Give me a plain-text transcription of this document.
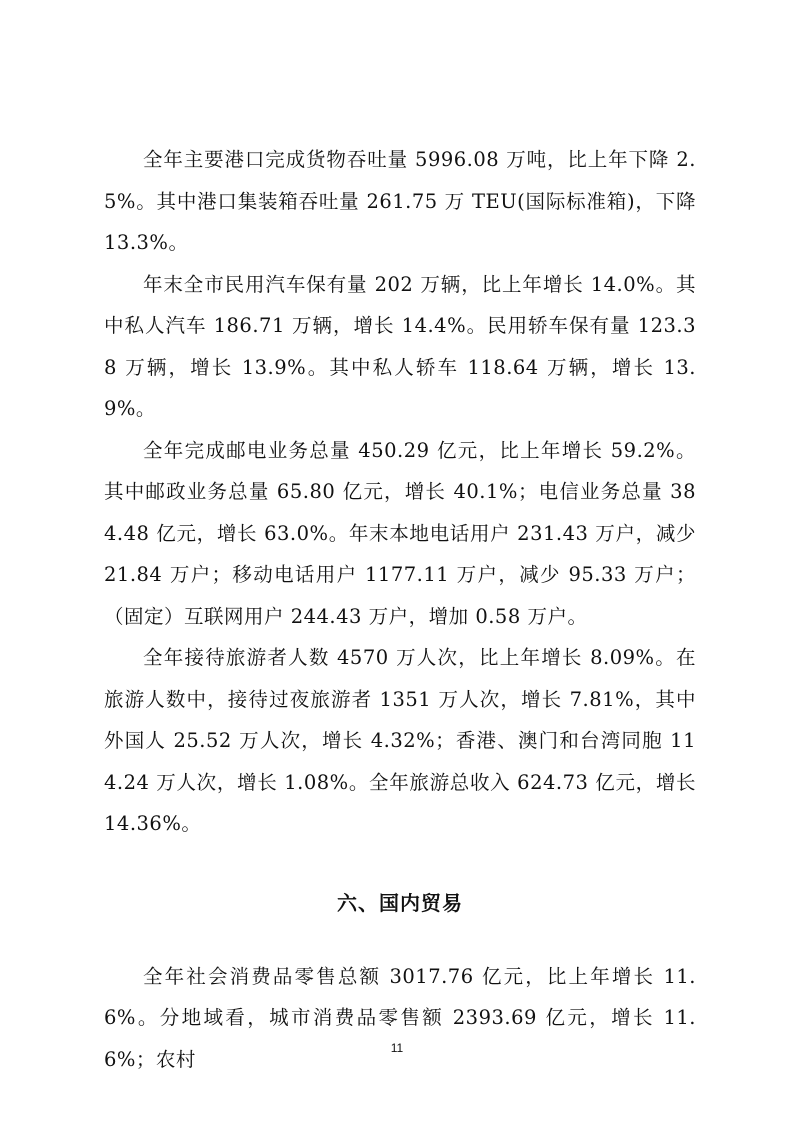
全年主要港口完成货物吞吐量 5996.08 万吨，比上年下降 2.5%。其中港口集装箱吞吐量 261.75 万 TEU(国际标准箱)，下降 13.3%。

年末全市民用汽车保有量 202 万辆，比上年增长 14.0%。其中私人汽车 186.71 万辆，增长 14.4%。民用轿车保有量 123.38 万辆，增长 13.9%。其中私人轿车 118.64 万辆，增长 13.9%。

全年完成邮电业务总量 450.29 亿元，比上年增长 59.2%。其中邮政业务总量 65.80 亿元，增长 40.1%；电信业务总量 384.48 亿元，增长 63.0%。年末本地电话用户 231.43 万户，减少 21.84 万户；移动电话用户 1177.11 万户，减少 95.33 万户；（固定）互联网用户 244.43 万户，增加 0.58 万户。

全年接待旅游者人数 4570 万人次，比上年增长 8.09%。在旅游人数中，接待过夜旅游者 1351 万人次，增长 7.81%，其中外国人 25.52 万人次，增长 4.32%；香港、澳门和台湾同胞 114.24 万人次，增长 1.08%。全年旅游总收入 624.73 亿元，增长 14.36%。

六、国内贸易

全年社会消费品零售总额 3017.76 亿元，比上年增长 11.6%。分地域看，城市消费品零售额 2393.69 亿元，增长 11.6%；农村	11
